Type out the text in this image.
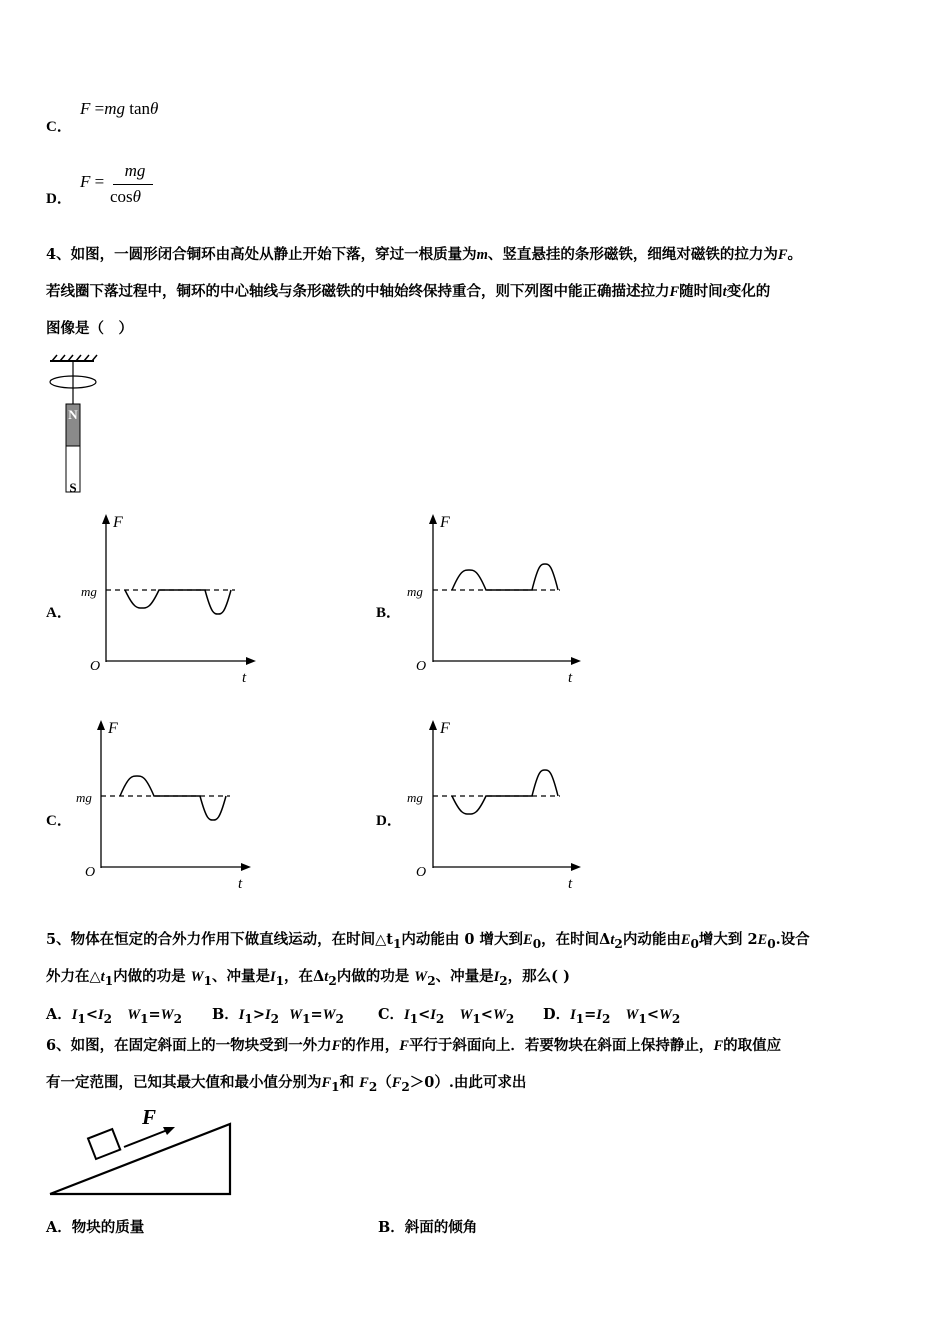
C．
F =mg tanθ
D．
F =
mg
cosθ
4、如图，一圆形闭合铜环由高处从静止开始下落，穿过一根质量为m、竖直悬挂的条形磁铁，细绳对磁铁的拉力为F。
若线圈下落过程中，铜环的中心轴线与条形磁铁的中轴始终保持重合，则下列图中能正确描述拉力F随时间t变化的
图像是（　）
N
S
A．
F
t
O
mg
B．
F
t
O
mg
C．
F
t
O
mg
D．
F
t
O
mg
5、物体在恒定的合外力作用下做直线运动，在时间$\triangle t_1$内动能由 0 增大到$E_0$，在时间$\Delta t_2$内动能由$E_0$增大到 $2E_0$.设合
外力在$\triangle t_1$内做的功是 $W_1$、冲量是$I_1$，在$\Delta t_2$内做的功是 $W_2$、冲量是$I_2$，那么( )
A．$I_1<I_2$ $W_1=W_2$ B．$I_1>I_2$ $W_1=W_2$ C．$I_1<I_2$ $W_1<W_2$ D．$I_1=I_2$ $W_1<W_2$
6、如图，在固定斜面上的一物块受到一外力F的作用，F平行于斜面向上．若要物块在斜面上保持静止，F的取值应
有一定范围，已知其最大值和最小值分别为$F_1$和 $F_2(F_2>0)$.由此可求出
F
A．物块的质量	B．斜面的倾角
